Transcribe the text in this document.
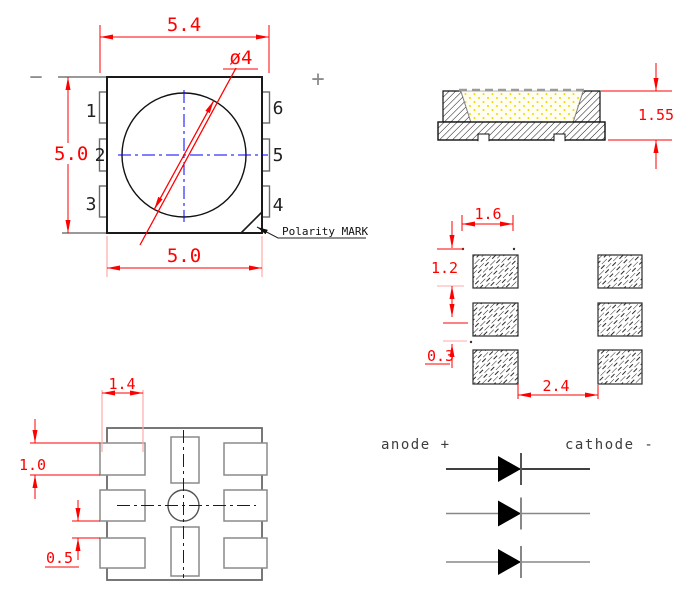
5.4
−	+
ø4
5.0
1
2
3
6
5
4
5.0
Polarity MARK
1.55
1.6
1.2
0.3
2.4
1.4
1.0
0.5
anode +	cathode -
